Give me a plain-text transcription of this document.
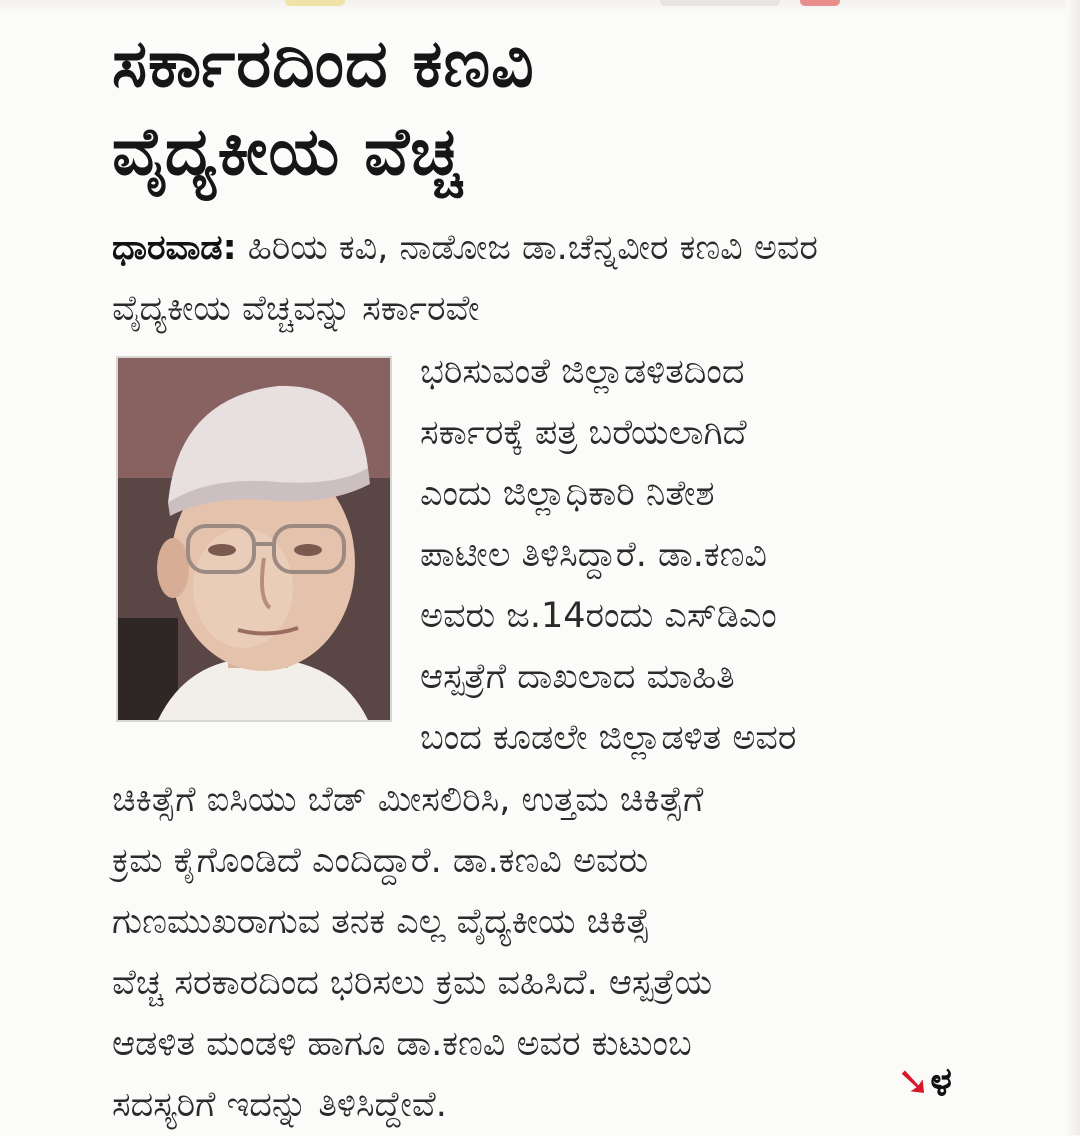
ಸರ್ಕಾರದಿಂದ ಕಣವಿ
ವೈದ್ಯಕೀಯ ವೆಚ್ಚ

ಧಾರವಾಡ: ಹಿರಿಯ ಕವಿ, ನಾಡೋಜ ಡಾ.ಚೆನ್ನವೀರ ಕಣವಿ ಅವರ ವೈದ್ಯಕೀಯ ವೆಚ್ಚವನ್ನು ಸರ್ಕಾರವೇ

ಭರಿಸುವಂತೆ ಜಿಲ್ಲಾಡಳಿತದಿಂದ
ಸರ್ಕಾರಕ್ಕೆ ಪತ್ರ ಬರೆಯಲಾಗಿದೆ
ಎಂದು ಜಿಲ್ಲಾಧಿಕಾರಿ ನಿತೇಶ
ಪಾಟೀಲ ತಿಳಿಸಿದ್ದಾರೆ. ಡಾ.ಕಣವಿ
ಅವರು ಜ.14ರಂದು ಎಸ್‌ಡಿಎಂ
ಆಸ್ಪತ್ರೆಗೆ ದಾಖಲಾದ ಮಾಹಿತಿ
ಬಂದ ಕೂಡಲೇ ಜಿಲ್ಲಾಡಳಿತ ಅವರ
ಚಿಕಿತ್ಸೆಗೆ ಐಸಿಯು ಬೆಡ್ ಮೀಸಲಿರಿಸಿ, ಉತ್ತಮ ಚಿಕಿತ್ಸೆಗೆ
ಕ್ರಮ ಕೈಗೊಂಡಿದೆ ಎಂದಿದ್ದಾರೆ. ಡಾ.ಕಣವಿ ಅವರು
ಗುಣಮುಖರಾಗುವ ತನಕ ಎಲ್ಲ ವೈದ್ಯಕೀಯ ಚಿಕಿತ್ಸೆ
ವೆಚ್ಚ ಸರಕಾರದಿಂದ ಭರಿಸಲು ಕ್ರಮ ವಹಿಸಿದೆ. ಆಸ್ಪತ್ರೆಯ
ಆಡಳಿತ ಮಂಡಳಿ ಹಾಗೂ ಡಾ.ಕಣವಿ ಅವರ ಕುಟುಂಬ
ಸದಸ್ಯರಿಗೆ ಇದನ್ನು ತಿಳಿಸಿದ್ದೇವೆ.	➘ಳ
